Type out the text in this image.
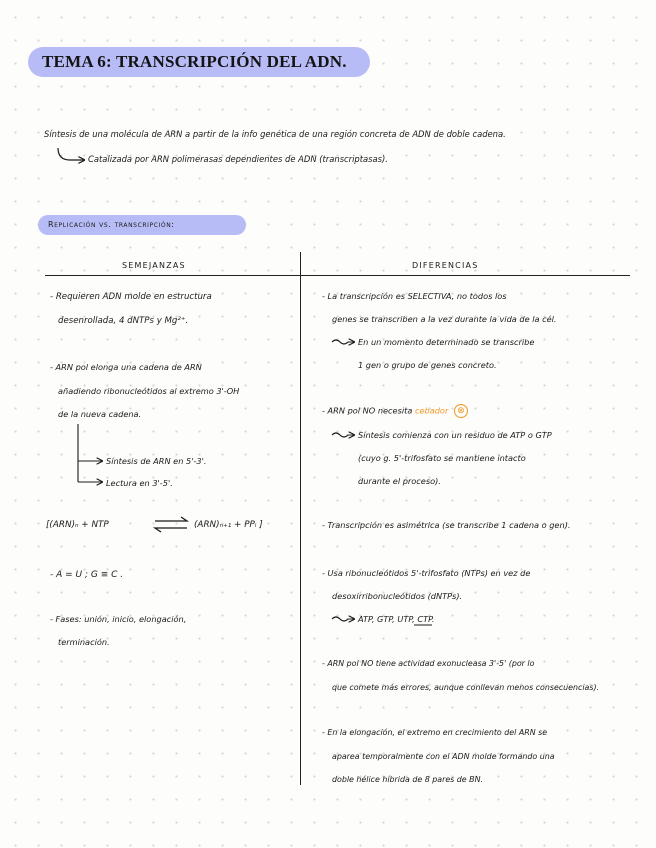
TEMA 6: TRANSCRIPCIÓN DEL ADN.
Síntesis de una molécula de ARN a partir de la info genética de una región concreta de ADN de doble cadena.
Catalizada por ARN polimerasas dependientes de ADN (transcriptasas).
Replicación vs. transcripción:
SEMEJANZAS	DIFERENCIAS
- Requieren ADN molde en estructura
desenrollada, 4 dNTPs y Mg²⁺.
- ARN pol elonga una cadena de ARN
añadiendo ribonucleótidos al extremo 3'-OH
de la nueva cadena.
Síntesis de ARN en 5'-3'.
Lectura en 3'-5'.
[(ARN)ₙ + NTP	(ARN)ₙ₊₁ + PPᵢ ]
- A = U ; G ≡ C .
- Fases: unión, inicio, elongación,
terminación.
- La transcripción es SELECTIVA, no todos los
genes se transcriben a la vez durante la vida de la cél.
En un momento determinado se transcribe
1 gen o grupo de genes concreto.
- ARN pol NO necesita cebador ⊗
Síntesis comienza con un residuo de ATP o GTP
(cuyo g. 5'-trifosfato se mantiene intacto
durante el proceso).
- Transcripción es asimétrica (se transcribe 1 cadena o gen).
- Usa ribonucleótidos 5'-trifosfato (NTPs) en vez de
desoxirribonucleótidos (dNTPs).
ATP, GTP, UTP, CTP.
- ARN pol NO tiene actividad exonucleasa 3'-5' (por lo
que comete más errores, aunque conllevan menos consecuencias).
- En la elongación, el extremo en crecimiento del ARN se
aparea temporalmente con el ADN molde formando una
doble hélice híbrida de 8 pares de BN.
